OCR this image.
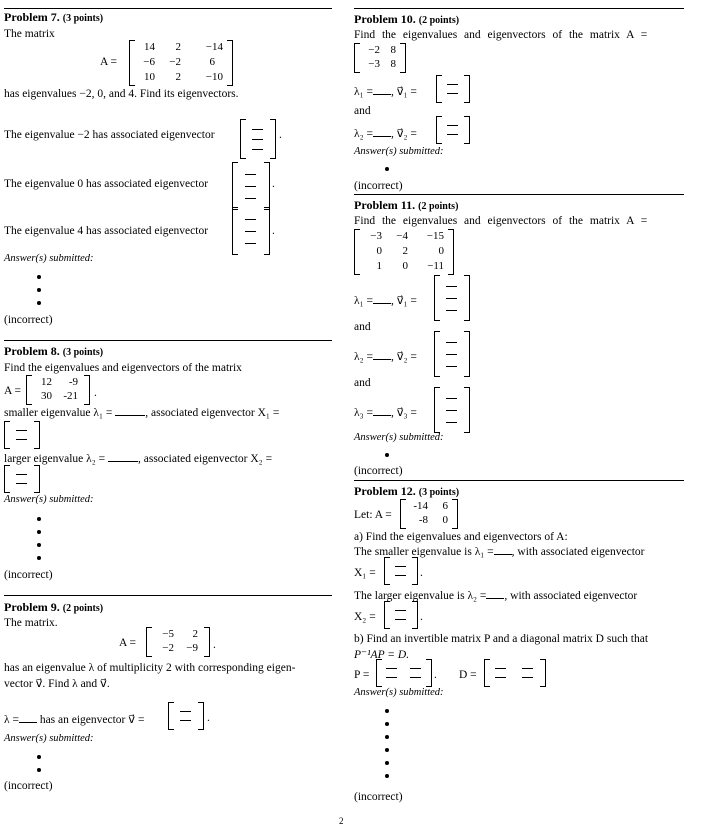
Problem 7. (3 points)
The matrix
A =
14	2	−14
−6	−2	6
10	2	−10
has eigenvalues −2, 0, and 4. Find its eigenvectors.
The eigenvalue −2 has associated eigenvector	.
The eigenvalue 0 has associated eigenvector	.
The eigenvalue 4 has associated eigenvector	.
Answer(s) submitted:
(incorrect)
Problem 8. (3 points)
Find the eigenvalues and eigenvectors of the matrix
A =
12	-9
30	-21 .
smaller eigenvalue λ₁ =	, associated eigenvector X₁ =
larger eigenvalue λ₂ =	, associated eigenvector X₂ =
Answer(s) submitted:
(incorrect)
Problem 9. (2 points)
The matrix.
A =
−5	2
−2	−9 .
has an eigenvalue λ of multiplicity 2 with corresponding eigen-
vector v⃗. Find λ and v⃗.
λ = has an eigenvector v⃗ =	.
Answer(s) submitted:
(incorrect)
Problem 10. (2 points)
Find the eigenvalues and eigenvectors of the matrix A =
−2 8
−3 8
λ₁ = , v⃗₁ =
and
λ₂ = , v⃗₂ =
Answer(s) submitted:
(incorrect)
Problem 11. (2 points)
Find the eigenvalues and eigenvectors of the matrix A =
−3	−4	−15
0	2	0
1	0	−11
λ₁ = , v⃗₁ =
and
λ₂ = , v⃗₂ =
and
λ₃ = , v⃗₃ =
Answer(s) submitted:
(incorrect)
Problem 12. (3 points)
Let: A =
-14	6
-8	0
a) Find the eigenvalues and eigenvectors of A:
The smaller eigenvalue is λ₁ = , with associated eigenvector
X₁ =	.
The larger eigenvalue is λ₂ = , with associated eigenvector
X₂ =	.
b) Find an invertible matrix P and a diagonal matrix D such that
P⁻¹AP = D.
P =	. D =
Answer(s) submitted:
(incorrect)
2
